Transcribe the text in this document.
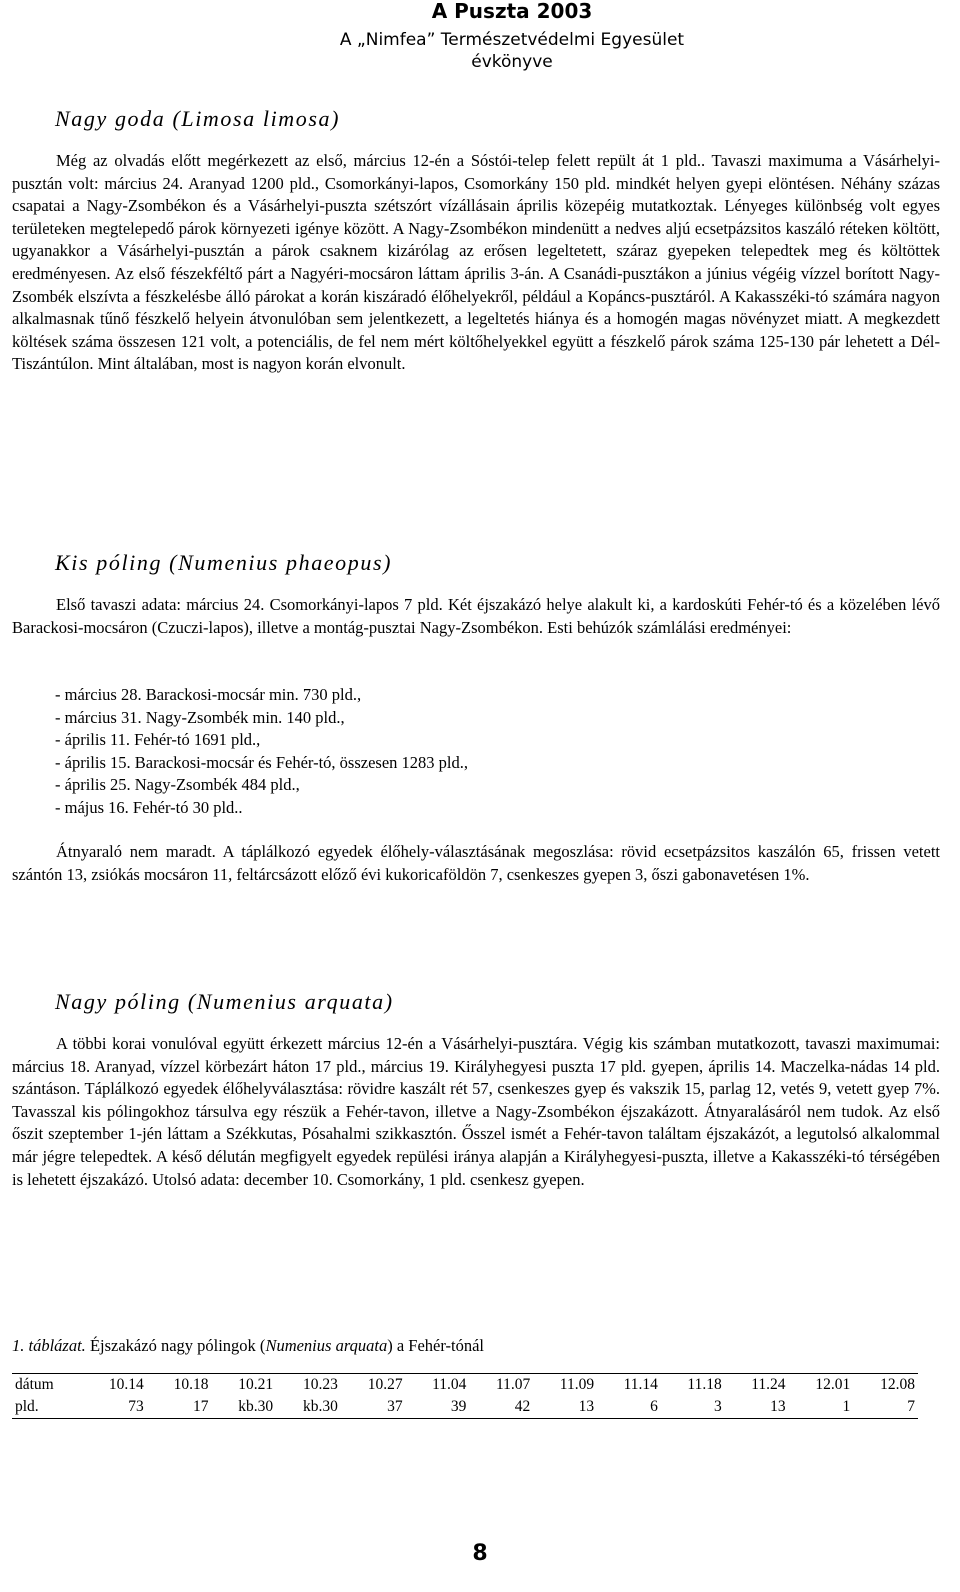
A Puszta 2003
A „Nimfea” Természetvédelmi Egyesület évkönyve
Nagy goda (Limosa limosa)
Még az olvadás előtt megérkezett az első, március 12-én a Sóstói-telep felett repült át 1 pld.. Tavaszi maximuma a Vásárhelyi-pusztán volt: március 24. Aranyad 1200 pld., Csomorkányi-lapos, Csomorkány 150 pld. mindkét helyen gyepi elöntésen. Néhány százas csapatai a Nagy-Zsombékon és a Vásárhelyi-puszta szétszórt vízállásain április közepéig mutatkoztak. Lényeges különbség volt egyes területeken megtelepedő párok környezeti igénye között. A Nagy-Zsombékon mindenütt a nedves aljú ecsetpázsitos kaszáló réteken költött, ugyanakkor a Vásárhelyi-pusztán a párok csaknem kizárólag az erősen legeltetett, száraz gyepeken telepedtek meg és költöttek eredményesen. Az első fészekféltő párt a Nagyéri-mocsáron láttam április 3-án. A Csanádi-pusztákon a június végéig vízzel borított Nagy-Zsombék elszívta a fészkelésbe álló párokat a korán kiszáradó élőhelyekről, például a Kopáncs-pusztáról. A Kakasszéki-tó számára nagyon alkalmasnak tűnő fészkelő helyein átvonulóban sem jelentkezett, a legeltetés hiánya és a homogén magas növényzet miatt. A megkezdett költések száma összesen 121 volt, a potenciális, de fel nem mért költőhelyekkel együtt a fészkelő párok száma 125-130 pár lehetett a Dél-Tiszántúlon. Mint általában, most is nagyon korán elvonult.
Kis póling (Numenius phaeopus)
Első tavaszi adata: március 24. Csomorkányi-lapos 7 pld. Két éjszakázó helye alakult ki, a kardoskúti Fehér-tó és a közelében lévő Barackosi-mocsáron (Czuczi-lapos), illetve a montág-pusztai Nagy-Zsombékon. Esti behúzók számlálási eredményei:
- március 28. Barackosi-mocsár min. 730 pld.,
- március 31. Nagy-Zsombék min. 140 pld.,
- április 11. Fehér-tó 1691 pld.,
- április 15. Barackosi-mocsár és Fehér-tó, összesen 1283 pld.,
- április 25. Nagy-Zsombék 484 pld.,
- május 16. Fehér-tó 30 pld..
Átnyaraló nem maradt. A táplálkozó egyedek élőhely-választásának megoszlása: rövid ecsetpázsitos kaszálón 65, frissen vetett szántón 13, zsiókás mocsáron 11, feltárcsázott előző évi kukoricaföldön 7, csenkeszes gyepen 3, őszi gabonavetésen 1%.
Nagy póling (Numenius arquata)
A többi korai vonulóval együtt érkezett március 12-én a Vásárhelyi-pusztára. Végig kis számban mutatkozott, tavaszi maximumai: március 18. Aranyad, vízzel körbezárt háton 17 pld., március 19. Királyhegyesi puszta 17 pld. gyepen, április 14. Maczelka-nádas 14 pld. szántáson. Táplálkozó egyedek élőhelyválasztása: rövidre kaszált rét 57, csenkeszes gyep és vakszik 15, parlag 12, vetés 9, vetett gyep 7%. Tavasszal kis pólingokhoz társulva egy részük a Fehér-tavon, illetve a Nagy-Zsombékon éjszakázott. Átnyaralásáról nem tudok. Az első őszit szeptember 1-jén láttam a Székkutas, Pósahalmi szikkasztón. Ősszel ismét a Fehér-tavon találtam éjszakázót, a legutolsó alkalommal már jégre telepedtek. A késő délután megfigyelt egyedek repülési iránya alapján a Királyhegyesi-puszta, illetve a Kakasszéki-tó térségében is lehetett éjszakázó. Utolsó adata: december 10. Csomorkány, 1 pld. csenkesz gyepen.
1. táblázat. Éjszakázó nagy pólingok (Numenius arquata) a Fehér-tónál
dátum	10.14	10.18	10.21	10.23	10.27	11.04	11.07	11.09	11.14	11.18	11.24	12.01	12.08
pld.	73	17	kb.30	kb.30	37	39	42	13	6	3	13	1	7
8
